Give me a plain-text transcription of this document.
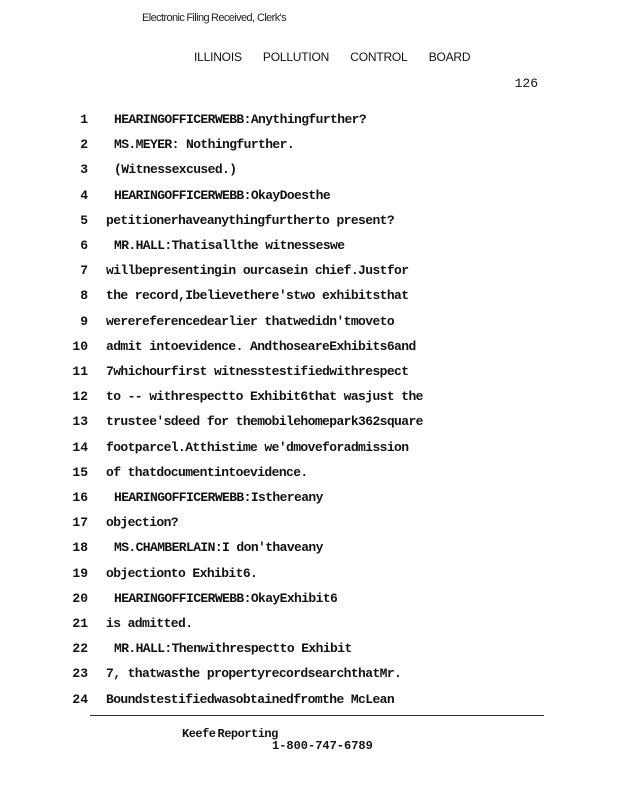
Electronic Filing Received, Clerk's
ILLINOIS POLLUTION CONTROL BOARD
126
1 HEARINGOFFICERWEBB:Anythingfurther?
2 MS.MEYER: Nothingfurther.
3 (Witnessexcused.)
4 HEARINGOFFICERWEBB:OkayDoesthe
5 petitionerhaveanythingfurtherto present?
6 MR.HALL:Thatisallthe witnesseswe
7 willbepresentingin ourcasein chief.Justfor
8 the record,Ibelievethere'stwo exhibitsthat
9 werereferencedearlier thatwedidn'tmoveto
10 admit intoevidence. AndthoseareExhibits6and
11 7whichourfirst witnesstestifiedwithrespect
12 to -- withrespectto Exhibit6that wasjust the
13 trustee'sdeed for themobilehomepark362square
14 footparcel.Atthistime we'dmoveforadmission
15 of thatdocumentintoevidence.
16 HEARINGOFFICERWEBB:Isthereany
17 objection?
18 MS.CHAMBERLAIN:I don'thaveany
19 objectionto Exhibit6.
20 HEARINGOFFICERWEBB:OkayExhibit6
21 is admitted.
22 MR.HALL:Thenwithrespectto Exhibit
23 7, thatwasthe propertyrecordsearchthatMr.
24 Boundstestifiedwasobtainedfromthe McLean
Keefe Reporting
1-800-747-6789
